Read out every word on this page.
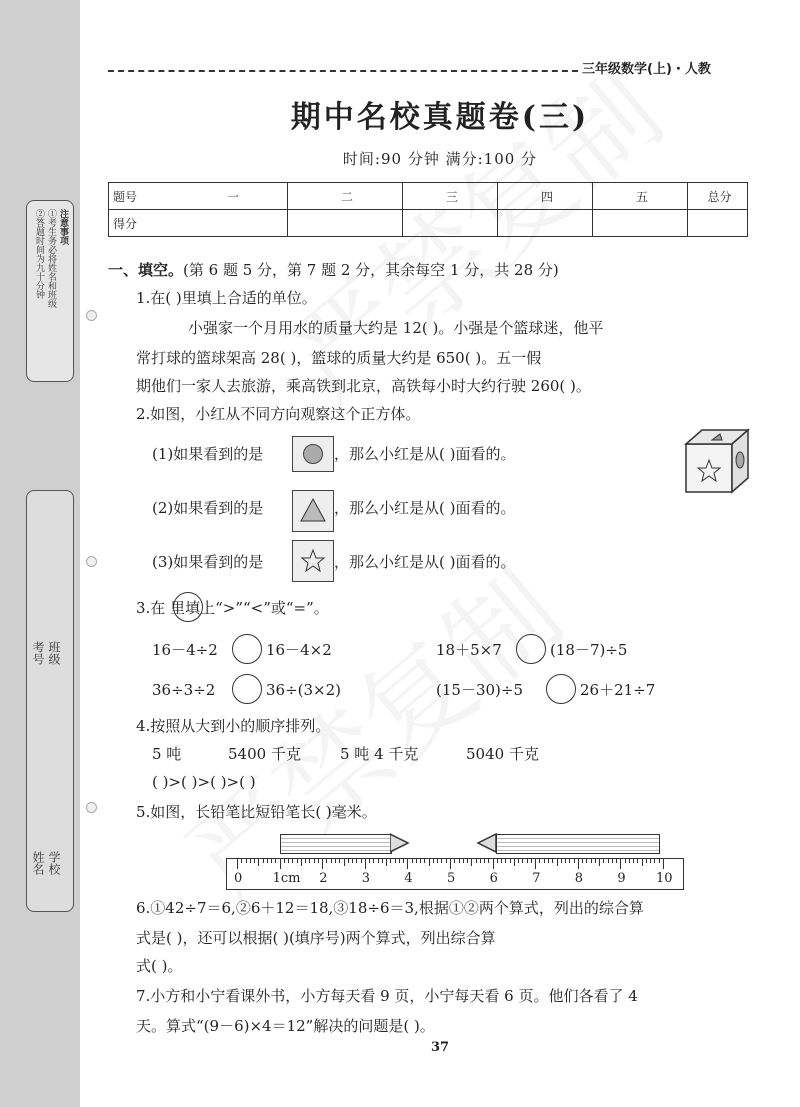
注意事项
①考生务必将姓名和班级
②答题时间为九十分钟
班级
考号
学校
姓名
三年级数学(上)・人教
期中名校真题卷(三)
时间:90 分钟 满分:100 分
题号	一	二	三	四	五	总分
得分						
一、填空。(第 6 题 5 分，第 7 题 2 分，其余每空 1 分，共 28 分)
1.在( )里填上合适的单位。
小强家一个月用水的质量大约是 12( )。小强是个篮球迷，他平
常打球的篮球架高 28( )，篮球的质量大约是 650( )。五一假
期他们一家人去旅游，乘高铁到北京，高铁每小时大约行驶 260( )。
2.如图，小红从不同方向观察这个正方体。
(1)如果看到的是	，那么小红是从( )面看的。
(2)如果看到的是	，那么小红是从( )面看的。
(3)如果看到的是	，那么小红是从( )面看的。
3.在 里填上“>”“<”或“=”。
16－4÷2	16－4×2	18＋5×7	(18－7)÷5
36÷3÷2	36÷(3×2)	(15－30)÷5	26＋21÷7
4.按照从大到小的顺序排列。
5 吨	5400 千克	5 吨 4 千克	5040 千克
( )>( )>( )>( )
5.如图，长铅笔比短铅笔长( )毫米。
0 1cm 2	3	4	5	6	7	8	9 10
6.①42÷7＝6,②6＋12＝18,③18÷6＝3,根据①②两个算式，列出的综合算
式是( )，还可以根据( )(填序号)两个算式，列出综合算
式( )。
7.小方和小宁看课外书，小方每天看 9 页，小宁每天看 6 页。他们各看了 4
天。算式“(9－6)×4＝12”解决的问题是( )。
37
